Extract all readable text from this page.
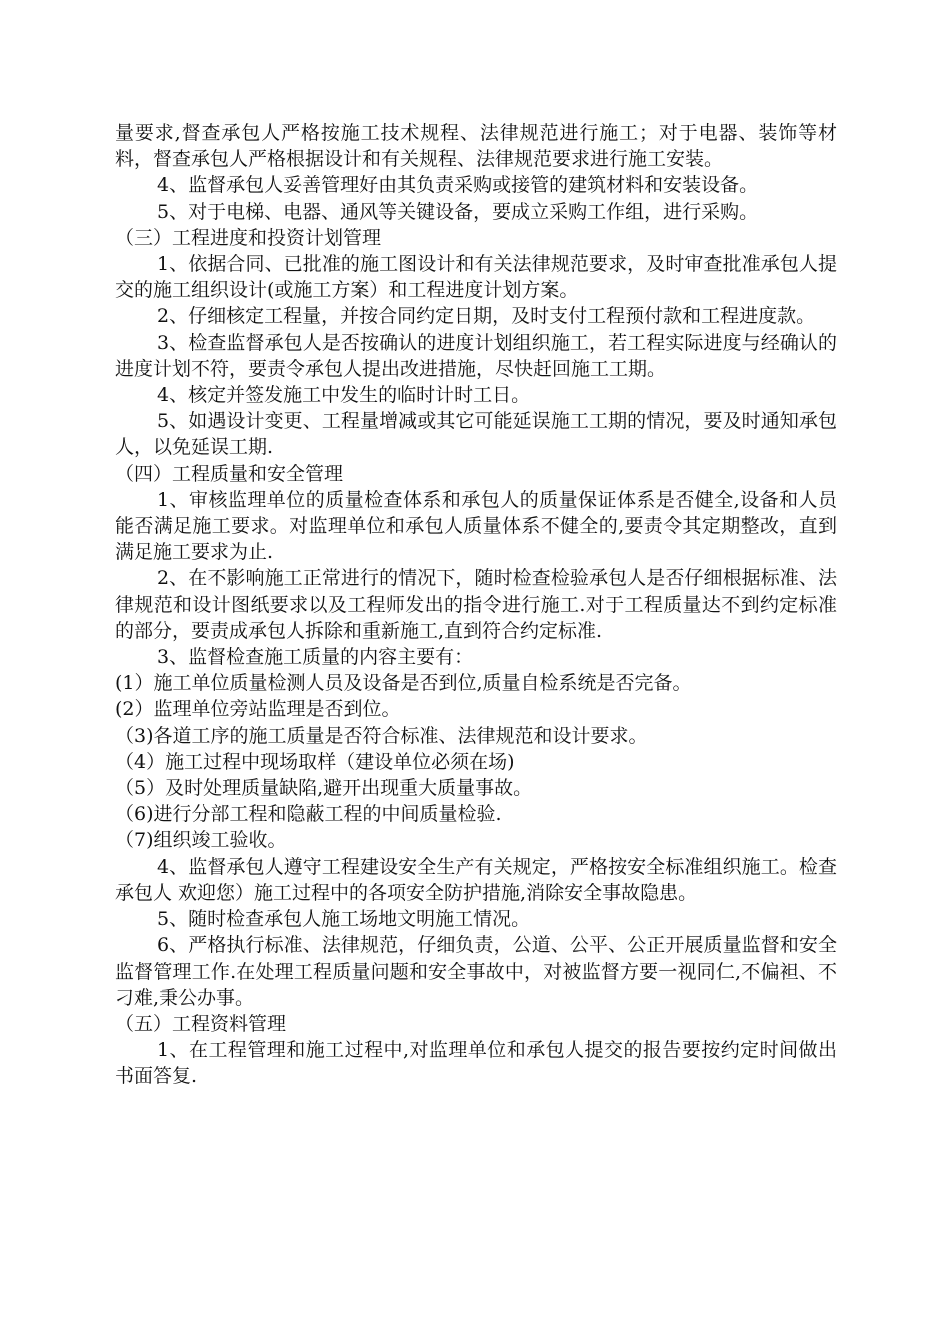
量要求,督查承包人严格按施工技术规程、法律规范进行施工；对于电器、装饰等材料，督查承包人严格根据设计和有关规程、法律规范要求进行施工安装。

4、监督承包人妥善管理好由其负责采购或接管的建筑材料和安装设备。

5、对于电梯、电器、通风等关键设备，要成立采购工作组，进行采购。

（三）工程进度和投资计划管理

1、依据合同、已批准的施工图设计和有关法律规范要求，及时审查批准承包人提交的施工组织设计(或施工方案）和工程进度计划方案。

2、仔细核定工程量，并按合同约定日期，及时支付工程预付款和工程进度款。

3、检查监督承包人是否按确认的进度计划组织施工，若工程实际进度与经确认的进度计划不符，要责令承包人提出改进措施，尽快赶回施工工期。

4、核定并签发施工中发生的临时计时工日。

5、如遇设计变更、工程量增减或其它可能延误施工工期的情况，要及时通知承包人，以免延误工期.

（四）工程质量和安全管理

1、审核监理单位的质量检查体系和承包人的质量保证体系是否健全,设备和人员能否满足施工要求。对监理单位和承包人质量体系不健全的,要责令其定期整改，直到满足施工要求为止.

2、在不影响施工正常进行的情况下，随时检查检验承包人是否仔细根据标准、法律规范和设计图纸要求以及工程师发出的指令进行施工.对于工程质量达不到约定标准的部分，要责成承包人拆除和重新施工,直到符合约定标准.

3、监督检查施工质量的内容主要有：

(1）施工单位质量检测人员及设备是否到位,质量自检系统是否完备。

(2）监理单位旁站监理是否到位。

（3)各道工序的施工质量是否符合标准、法律规范和设计要求。

（4）施工过程中现场取样（建设单位必须在场)

（5）及时处理质量缺陷,避开出现重大质量事故。

（6)进行分部工程和隐蔽工程的中间质量检验.

（7)组织竣工验收。

4、监督承包人遵守工程建设安全生产有关规定，严格按安全标准组织施工。检查承包人 欢迎您）施工过程中的各项安全防护措施,消除安全事故隐患。

5、随时检查承包人施工场地文明施工情况。

6、严格执行标准、法律规范，仔细负责，公道、公平、公正开展质量监督和安全监督管理工作.在处理工程质量问题和安全事故中，对被监督方要一视同仁,不偏袒、不刁难,秉公办事。

（五）工程资料管理

1、在工程管理和施工过程中,对监理单位和承包人提交的报告要按约定时间做出书面答复.
